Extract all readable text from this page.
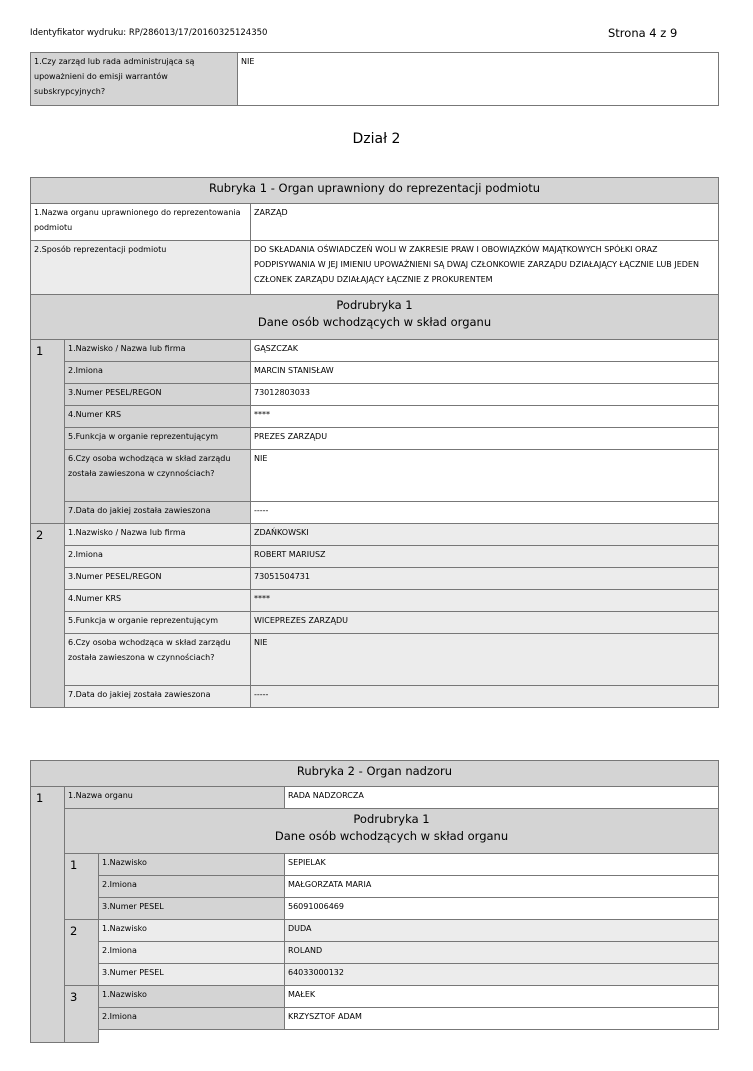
Identyfikator wydruku: RP/286013/17/20160325124350	Strona 4 z 9
1.Czy zarząd lub rada administrująca są upoważnieni do emisji warrantów subskrypcyjnych?	NIE
Dział 2
Rubryka 1 - Organ uprawniony do reprezentacji podmiotu		
1.Nazwa organu uprawnionego do reprezentowania podmiotu		ZARZĄD
2.Sposób reprezentacji podmiotu		DO SKŁADANIA OŚWIADCZEŃ WOLI W ZAKRESIE PRAW I OBOWIĄZKÓW MAJĄTKOWYCH SPÓŁKI ORAZ PODPISYWANIA W JEJ IMIENIU UPOWAŻNIENI SĄ DWAJ CZŁONKOWIE ZARZĄDU DZIAŁAJĄCY ŁĄCZNIE LUB JEDEN CZŁONEK ZARZĄDU DZIAŁAJĄCY ŁĄCZNIE Z PROKURENTEM

Podrubryka 1
Dane osób wchodzących w skład organu		

1	1.Nazwisko / Nazwa lub firma	GĄSZCZAK
	2.Imiona	MARCIN STANISŁAW
	3.Numer PESEL/REGON	73012803033
	4.Numer KRS	****
	5.Funkcja w organie reprezentującym	PREZES ZARZĄDU
	6.Czy osoba wchodząca w skład zarządu została zawieszona w czynnościach?	NIE
	7.Data do jakiej została zawieszona	-----
2	1.Nazwisko / Nazwa lub firma	ZDAŃKOWSKI
	2.Imiona	ROBERT MARIUSZ
	3.Numer PESEL/REGON	73051504731
	4.Numer KRS	****
	5.Funkcja w organie reprezentującym	WICEPREZES ZARZĄDU
	6.Czy osoba wchodząca w skład zarządu została zawieszona w czynnościach?	NIE
	7.Data do jakiej została zawieszona	-----
Rubryka 2 - Organ nadzoru			
1	1.Nazwa organu		RADA NADZORCZA

	Podrubryka 1
Dane osób wchodzących w skład organu		

	1	1.Nazwisko	SEPIELAK
		2.Imiona	MAŁGORZATA MARIA
		3.Numer PESEL	56091006469
	2	1.Nazwisko	DUDA
		2.Imiona	ROLAND
		3.Numer PESEL	64033000132
	3	1.Nazwisko	MAŁEK
		2.Imiona	KRZYSZTOF ADAM
